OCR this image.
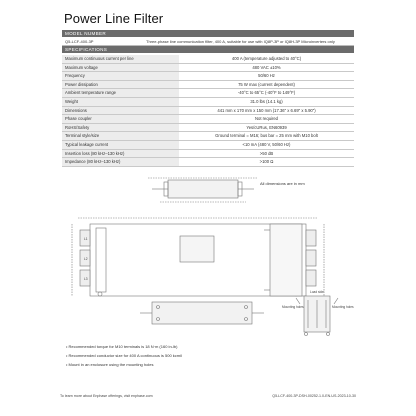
Power Line Filter
MODEL NUMBER
Q5-LCF-400-3P	Three-phase line communication filter, 400 A, suitable for use with IQ8P-3P or IQ8H-3P Microinverters only
SPECIFICATIONS
Maximum continuous current per line	400 A (temperature adjusted to 40°C)
Maximum voltage	480 VAC ±10%
Frequency	50/60 Hz
Power dissipation	75 W max (current dependent)
Ambient temperature range	-40°C to 65°C (-40°F to 149°F)
Weight	31.0 lbs (14.1 kg)
Dimensions	441 mm x 170 mm x 150 mm (17.36" x 6.69" x 5.90")
Phase coupler	Not required
RoHS/Safety	Yes/cURus, EN60939
Terminal style/size	Ground terminal = M16; bus bar = 25 mm with M10 bolt
Typical leakage current	<10 mA (480 V, 50/60 Hz)
Insertion loss (80 kHz–130 kHz)	>50 dB
Impedance (80 kHz–130 kHz)	>100 Ω
All dimensions are in mm
Load side
Mounting holes	Mounting holes
L1
L2
L3
• Recommended torque for M10 terminals is 18 N·m (160 in-lb)
• Recommended conductor size for 400 A continuous is 500 kcmil
• Mount in an enclosure using the mounting holes
To learn more about Enphase offerings, visit enphase.com	Q5-LCF-400-3P-DSH-00252-1.0-EN-US-2023-10-30
